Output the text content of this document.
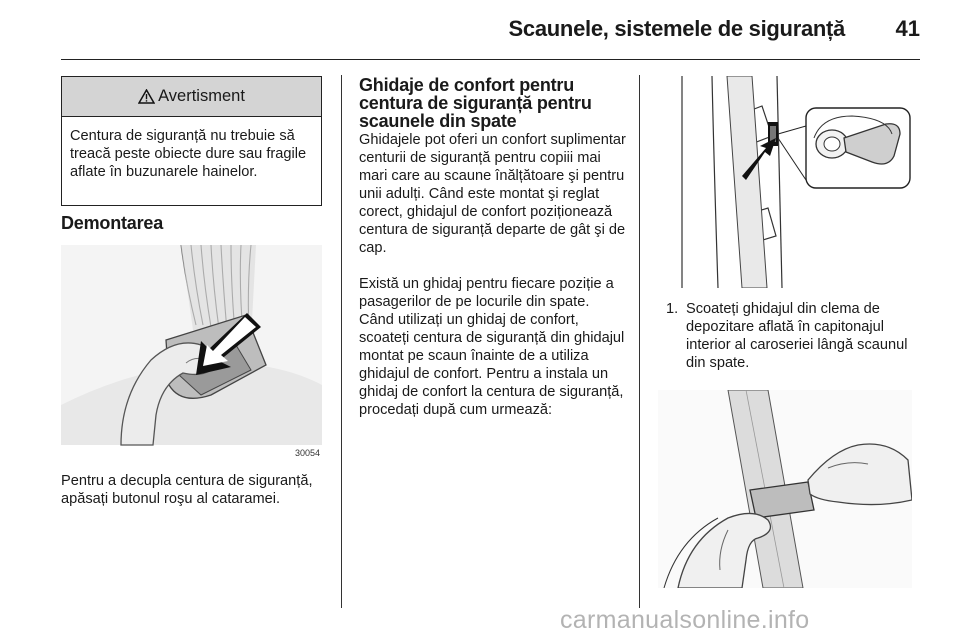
Scaunele, sistemele de siguranță 41
Avertisment
Centura de siguranță nu trebuie să treacă peste obiecte dure sau fragile aflate în buzunarele hainelor.
Demontarea
30054

Pentru a decupla centura de siguranță, apăsați butonul roşu al cataramei.

Ghidaje de confort pentru centura de siguranță pentru scaunele din spate

Ghidajele pot oferi un confort suplimentar centurii de siguranță pentru copiii mai mari care au scaune înălțătoare şi pentru unii adulți. Când este montat şi reglat corect, ghidajul de confort poziționează centura de siguranță departe de gât şi de cap.

Există un ghidaj pentru fiecare poziție a pasagerilor de pe locurile din spate. Când utilizați un ghidaj de confort, scoateți centura de siguranță din ghidajul montat pe scaun înainte de a utiliza ghidajul de confort. Pentru a instala un ghidaj de confort la centura de siguranță, procedați după cum urmează:

1. Scoateți ghidajul din clema de depozitare aflată în capitonajul interior al caroseriei lângă scaunul din spate.
carmanualsonline.info
